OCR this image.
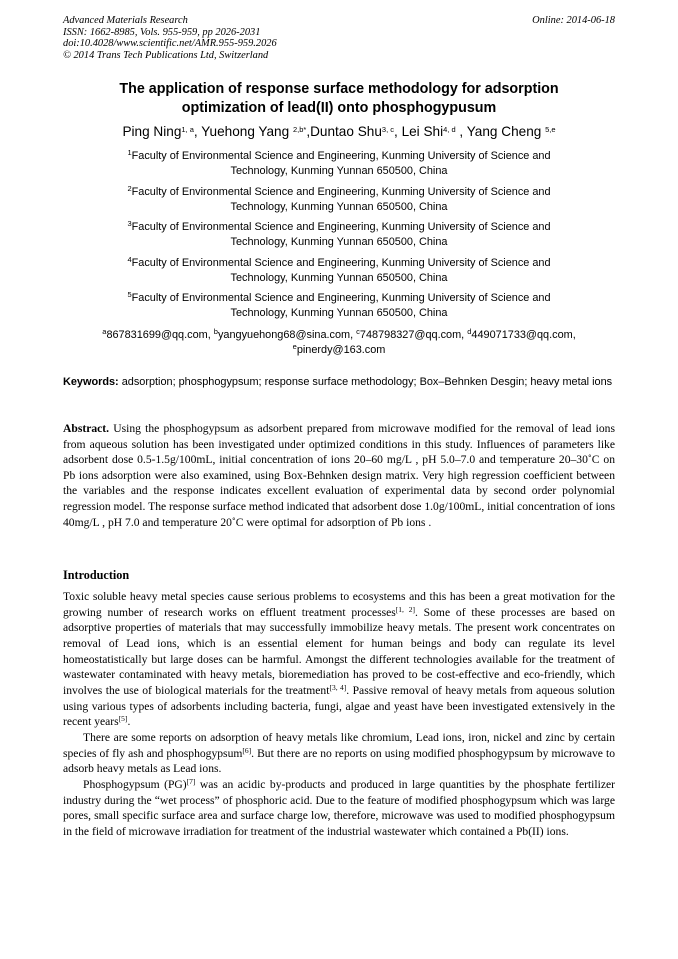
Advanced Materials Research
ISSN: 1662-8985, Vols. 955-959, pp 2026-2031
doi:10.4028/www.scientific.net/AMR.955-959.2026
© 2014 Trans Tech Publications Ltd, Switzerland
Online: 2014-06-18
The application of response surface methodology for adsorption
optimization of lead(II) onto phosphogypusum
Ping Ning$^{1, a}$, Yuehong Yang $^{2,b*}$,Duntao Shu$^{3, c}$, Lei Shi$^{4, d}$ , Yang Cheng $^{5,e}$
$^1$Faculty of Environmental Science and Engineering, Kunming University of Science and
Technology, Kunming Yunnan 650500, China
$^2$Faculty of Environmental Science and Engineering, Kunming University of Science and
Technology, Kunming Yunnan 650500, China
$^3$Faculty of Environmental Science and Engineering, Kunming University of Science and
Technology, Kunming Yunnan 650500, China
$^4$Faculty of Environmental Science and Engineering, Kunming University of Science and
Technology, Kunming Yunnan 650500, China
$^5$Faculty of Environmental Science and Engineering, Kunming University of Science and
Technology, Kunming Yunnan 650500, China
$^a$867831699@qq.com, $^b$yangyuehong68@sina.com, $^c$748798327@qq.com, $^d$449071733@qq.com,
$^e$pinerdy@163.com
Keywords: adsorption; phosphogypsum; response surface methodology; Box–Behnken Desgin; heavy metal ions
Abstract. Using the phosphogypsum as adsorbent prepared from microwave modified for the removal of lead ions from aqueous solution has been investigated under optimized conditions in this study. Influences of parameters like adsorbent dose 0.5-1.5g/100mL, initial concentration of ions 20–60 mg/L , pH 5.0–7.0 and temperature 20–30˚C on Pb ions adsorption were also examined, using Box-Behnken design matrix. Very high regression coefficient between the variables and the response indicates excellent evaluation of experimental data by second order polynomial regression model. The response surface method indicated that adsorbent dose 1.0g/100mL, initial concentration of ions 40mg/L , pH 7.0 and temperature 20˚C were optimal for adsorption of Pb ions .
Introduction

Toxic soluble heavy metal species cause serious problems to ecosystems and this has been a great motivation for the growing number of research works on effluent treatment processes[1, 2]. Some of these processes are based on adsorptive properties of materials that may successfully immobilize heavy metals. The present work concentrates on removal of Lead ions, which is an essential element for human beings and body can regulate its level homeostatistically but large doses can be harmful. Amongst the different technologies available for the treatment of wastewater contaminated with heavy metals, bioremediation has proved to be cost-effective and eco-friendly, which involves the use of biological materials for the treatment[3, 4]. Passive removal of heavy metals from aqueous solution using various types of adsorbents including bacteria, fungi, algae and yeast have been investigated extensively in the recent years[5].

There are some reports on adsorption of heavy metals like chromium, Lead ions, iron, nickel and zinc by certain species of fly ash and phosphogypsum[6]. But there are no reports on using modified phosphogypsum by microwave to adsorb heavy metals as Lead ions.

Phosphogypsum (PG)[7] was an acidic by-products and produced in large quantities by the phosphate fertilizer industry during the “wet process” of phosphoric acid. Due to the feature of modified phosphogypsum which was large pores, small specific surface area and surface charge low, therefore, microwave was used to modified phosphogypsum in the field of microwave irradiation for treatment of the industrial wastewater which contained a Pb(II) ions.
